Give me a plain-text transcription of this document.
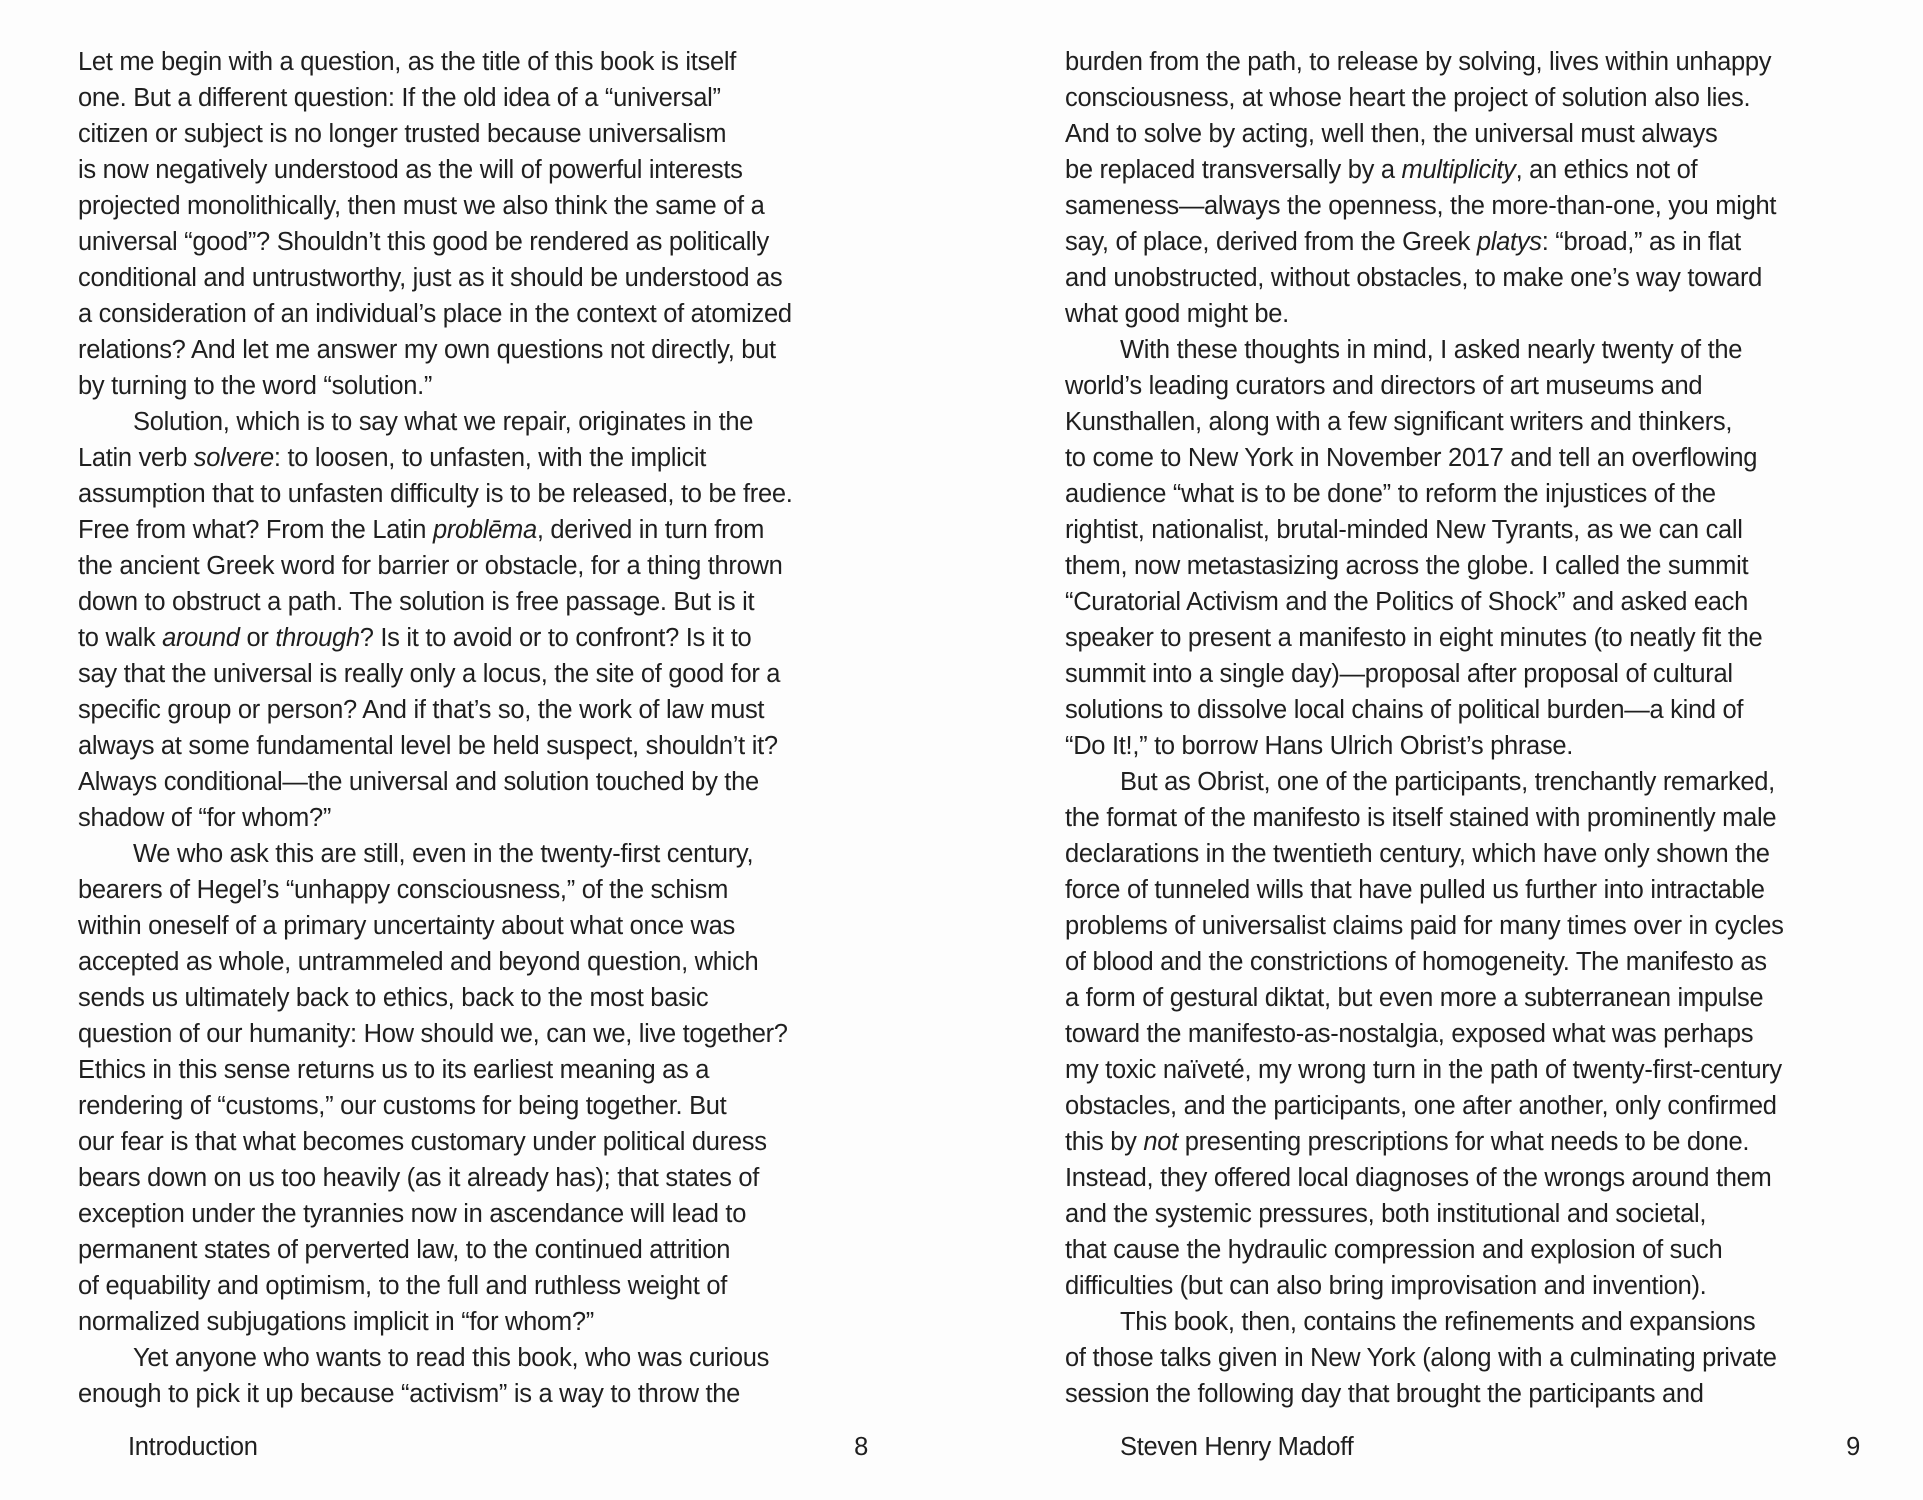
Let me begin with a question, as the title of this book is itself
one. But a different question: If the old idea of a “universal”
citizen or subject is no longer trusted because universalism
is now negatively understood as the will of powerful interests
projected monolithically, then must we also think the same of a
universal “good”? Shouldn’t this good be rendered as politically
conditional and untrustworthy, just as it should be understood as
a consideration of an individual’s place in the context of atomized
relations? And let me answer my own questions not directly, but
by turning to the word “solution.”
Solution, which is to say what we repair, originates in the
Latin verb solvere: to loosen, to unfasten, with the implicit
assumption that to unfasten difficulty is to be released, to be free.
Free from what? From the Latin problēma, derived in turn from
the ancient Greek word for barrier or obstacle, for a thing thrown
down to obstruct a path. The solution is free passage. But is it
to walk around or through? Is it to avoid or to confront? Is it to
say that the universal is really only a locus, the site of good for a
specific group or person? And if that’s so, the work of law must
always at some fundamental level be held suspect, shouldn’t it?
Always conditional—the universal and solution touched by the
shadow of “for whom?”
We who ask this are still, even in the twenty-first century,
bearers of Hegel’s “unhappy consciousness,” of the schism
within oneself of a primary uncertainty about what once was
accepted as whole, untrammeled and beyond question, which
sends us ultimately back to ethics, back to the most basic
question of our humanity: How should we, can we, live together?
Ethics in this sense returns us to its earliest meaning as a
rendering of “customs,” our customs for being together. But
our fear is that what becomes customary under political duress
bears down on us too heavily (as it already has); that states of
exception under the tyrannies now in ascendance will lead to
permanent states of perverted law, to the continued attrition
of equability and optimism, to the full and ruthless weight of
normalized subjugations implicit in “for whom?”
Yet anyone who wants to read this book, who was curious
enough to pick it up because “activism” is a way to throw the
Introduction	8
burden from the path, to release by solving, lives within unhappy
consciousness, at whose heart the project of solution also lies.
And to solve by acting, well then, the universal must always
be replaced transversally by a multiplicity, an ethics not of
sameness—always the openness, the more-than-one, you might
say, of place, derived from the Greek platys: “broad,” as in flat
and unobstructed, without obstacles, to make one’s way toward
what good might be.
With these thoughts in mind, I asked nearly twenty of the
world’s leading curators and directors of art museums and
Kunsthallen, along with a few significant writers and thinkers,
to come to New York in November 2017 and tell an overflowing
audience “what is to be done” to reform the injustices of the
rightist, nationalist, brutal-minded New Tyrants, as we can call
them, now metastasizing across the globe. I called the summit
“Curatorial Activism and the Politics of Shock” and asked each
speaker to present a manifesto in eight minutes (to neatly fit the
summit into a single day)—proposal after proposal of cultural
solutions to dissolve local chains of political burden—a kind of
“Do It!,” to borrow Hans Ulrich Obrist’s phrase.
But as Obrist, one of the participants, trenchantly remarked,
the format of the manifesto is itself stained with prominently male
declarations in the twentieth century, which have only shown the
force of tunneled wills that have pulled us further into intractable
problems of universalist claims paid for many times over in cycles
of blood and the constrictions of homogeneity. The manifesto as
a form of gestural diktat, but even more a subterranean impulse
toward the manifesto-as-nostalgia, exposed what was perhaps
my toxic naïveté, my wrong turn in the path of twenty-first-century
obstacles, and the participants, one after another, only confirmed
this by not presenting prescriptions for what needs to be done.
Instead, they offered local diagnoses of the wrongs around them
and the systemic pressures, both institutional and societal,
that cause the hydraulic compression and explosion of such
difficulties (but can also bring improvisation and invention).
This book, then, contains the refinements and expansions
of those talks given in New York (along with a culminating private
session the following day that brought the participants and
Steven Henry Madoff	9
